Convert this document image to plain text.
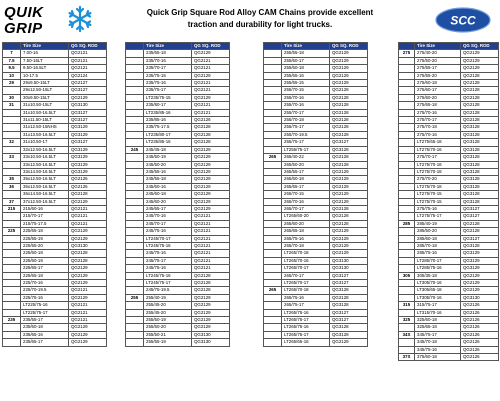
QUIK
GRIP
Quick Grip Square Rod Alloy CAM Chains provide excellent
traction and durability for light trucks.	SCC
	Tire Size	QG SQ. ROD
7	7.00-16	QG2121
7.5	7.50-16LT	QG2121
9.5	9.50-16.5LT	QG2121
10	10-17.5	QG2124
29	29x9.50-15LT	QG2127
	29x12.50-15LT	QG3127
30	30x9.50-15LT	QG2129
31	31x10.50-15LT	QG3130
	31x10.50-16.5LT	QG3127
	31x11.50-15LT	QG3127
	31x12.50-15NHS	QG3129
	31x13.50-16.5LT	QG3129
32	31x10.50-17	QG3127
	32x12.50-16.5LT	QG3129
33	33x10.50-16.5LT	QG3129
	33x12.50-16.5LT	QG3129
	33x14.50-16.5LT	QG3129
35	35x12.50-16.5LT	QG2126
36	36x12.50-16.5LT	QG2126
	36x14.50-16.5LT	QG2128
37	37x12.50-16.5LT	QG2129
215	215/60-16	QG2121
	215/70-17	QG2121
	215/75-17.5	QG2121
225	225/65-18	QG2129
	225/55-19	QG2129
	225/55-20	QG3130
	225/60-18	QG2128
	225/60-19	QG2128
	225/65-17	QG2129
	225/65-18	QG2129
	225/70-16	QG2129
	225/70-19.5	QG2121
	225/75-16	QG2129
	LT225/75-16	QG2121
	LT225/75-17	QG2121
235	235/55-17	QG2121
	235/60-18	QG2129
	235/65-16	QG2129
	235/65-17	QG2129
	Tire Size	QG SQ. ROD
	235/65-18	QG2129
	235/70-16	QG2121
	235/70-17	QG2121
	235/75-15	QG2129
	235/75-16	QG2121
	235/75-17	QG2121
	LT235/75-15	QG2129
	235/80-17	QG2121
	LT235/85-16	QG2121
	235/85-16	QG2126
	235/75-17.5	QG2128
	LT235/80-17	QG2128
	LT235/85-16	QG2128
245	245/45-18	QG2129
	245/50-19	QG2129
	245/50-20	QG2129
	245/55-16	QG2129
	245/55-18	QG2129
	245/60-16	QG2129
	245/60-18	QG2129
	245/60-20	QG2129
	245/65-17	QG2129
	245/70-16	QG2121
	245/70-17	QG2121
	245/75-16	QG2121
	LT245/70-17	QG2121
	LT245/75-16	QG2121
	245/75-16	QG2121
	245/75-17	QG2121
	245/75-16	QG2121
	LT245/75-16	QG2128
	LT245/75-17	QG2128
	245/75-19.5	QG2128
255	255/40-19	QG2129
	255/45-20	QG2129
	255/45-20	QG2129
	255/50-19	QG2129
	255/50-20	QG2129
	255/50-21	QG3130
	255/55-19	QG3130
	Tire Size	QG SQ. ROD
	255/55-18	QG2129
	255/60-17	QG2129
	255/60-18	QG2129
	255/65-16	QG2129
	255/65-15	QG2129
	255/70-15	QG2128
	255/70-16	QG2128
	255/70-16	QG2128
	255/70-17	QG2128
	255/70-18	QG2128
	255/75-17	QG2128
	255/70-19.5	QG2128
	255/75-17	QG3127
	LT255/75-17	QG3128
265	265/40-22	QG2128
	265/50-20	QG2128
	265/55-17	QG2129
	265/60-18	QG2129
	265/65-17	QG2129
	265/70-15	QG2129
	265/70-16	QG2129
	265/70-17	QG2128
	LT265/60-20	QG2128
	265/60-20	QG2128
	265/65-18	QG2129
	265/75-16	QG2129
	265/70-18	QG2129
	LT265/70-18	QG2129
	LT265/70-16	QG3130
	LT265/70-17	QG3130
	265/70-17	QG3127
	LT265/70-17	QG3127
265	LT265/70-18	QG3128
	265/75-16	QG2128
	265/75-17	QG3128
	LT265/75-16	QG3127
	LT265/75-17	QG3127
	LT265/75-16	QG3128
	LT265/75-17	QG3128
	LT265/65-16	QG2129
	Tire Size	QG SQ. ROD
275	275/40-20	QG2129
	275/50-20	QG2129
	275/55-17	QG2129
	275/55-20	QG2128
	275/60-18	QG2128
	275/60-17	QG2128
	275/60-20	QG2128
	275/65-18	QG2128
	275/70-16	QG2128
	275/70-17	QG2128
	275/70-18	QG3128
	275/70-16	QG3128
	LT275/65-18	QG3128
	LT275/70-16	QG3128
	275/70-17	QG3128
	LT275/70-18	QG3128
	LT275/70-18	QG3128
	275/70-20	QG3128
	LT275/70-18	QG3128
	LT275/70-15	QG3128
	LT275/70-15	QG3128
	275/75-16	QG3127
	LT275/75-17	QG3127
285	285/40-19	QG2128
	285/50-20	QG2128
	285/60-18	QG3127
	285/70-18	QG3128
	285/75-16	QG3129
	LT285/70-17	QG3129
	LT285/75-16	QG3129
305	305/35-18	QG2129
	LT305/70-16	QG2129
	LT305/65-18	QG2129
	LT305/70-16	QG3130
315	315/75-17	QG2126
	LT315/70-16	QG2126
325	325/60-18	QG2126
	325/65-18	QG2126
34S	345/75-17	QG2126
	345/70-18	QG2126
	345/75-16	QG2126
37S	375/60-18	QG2126
